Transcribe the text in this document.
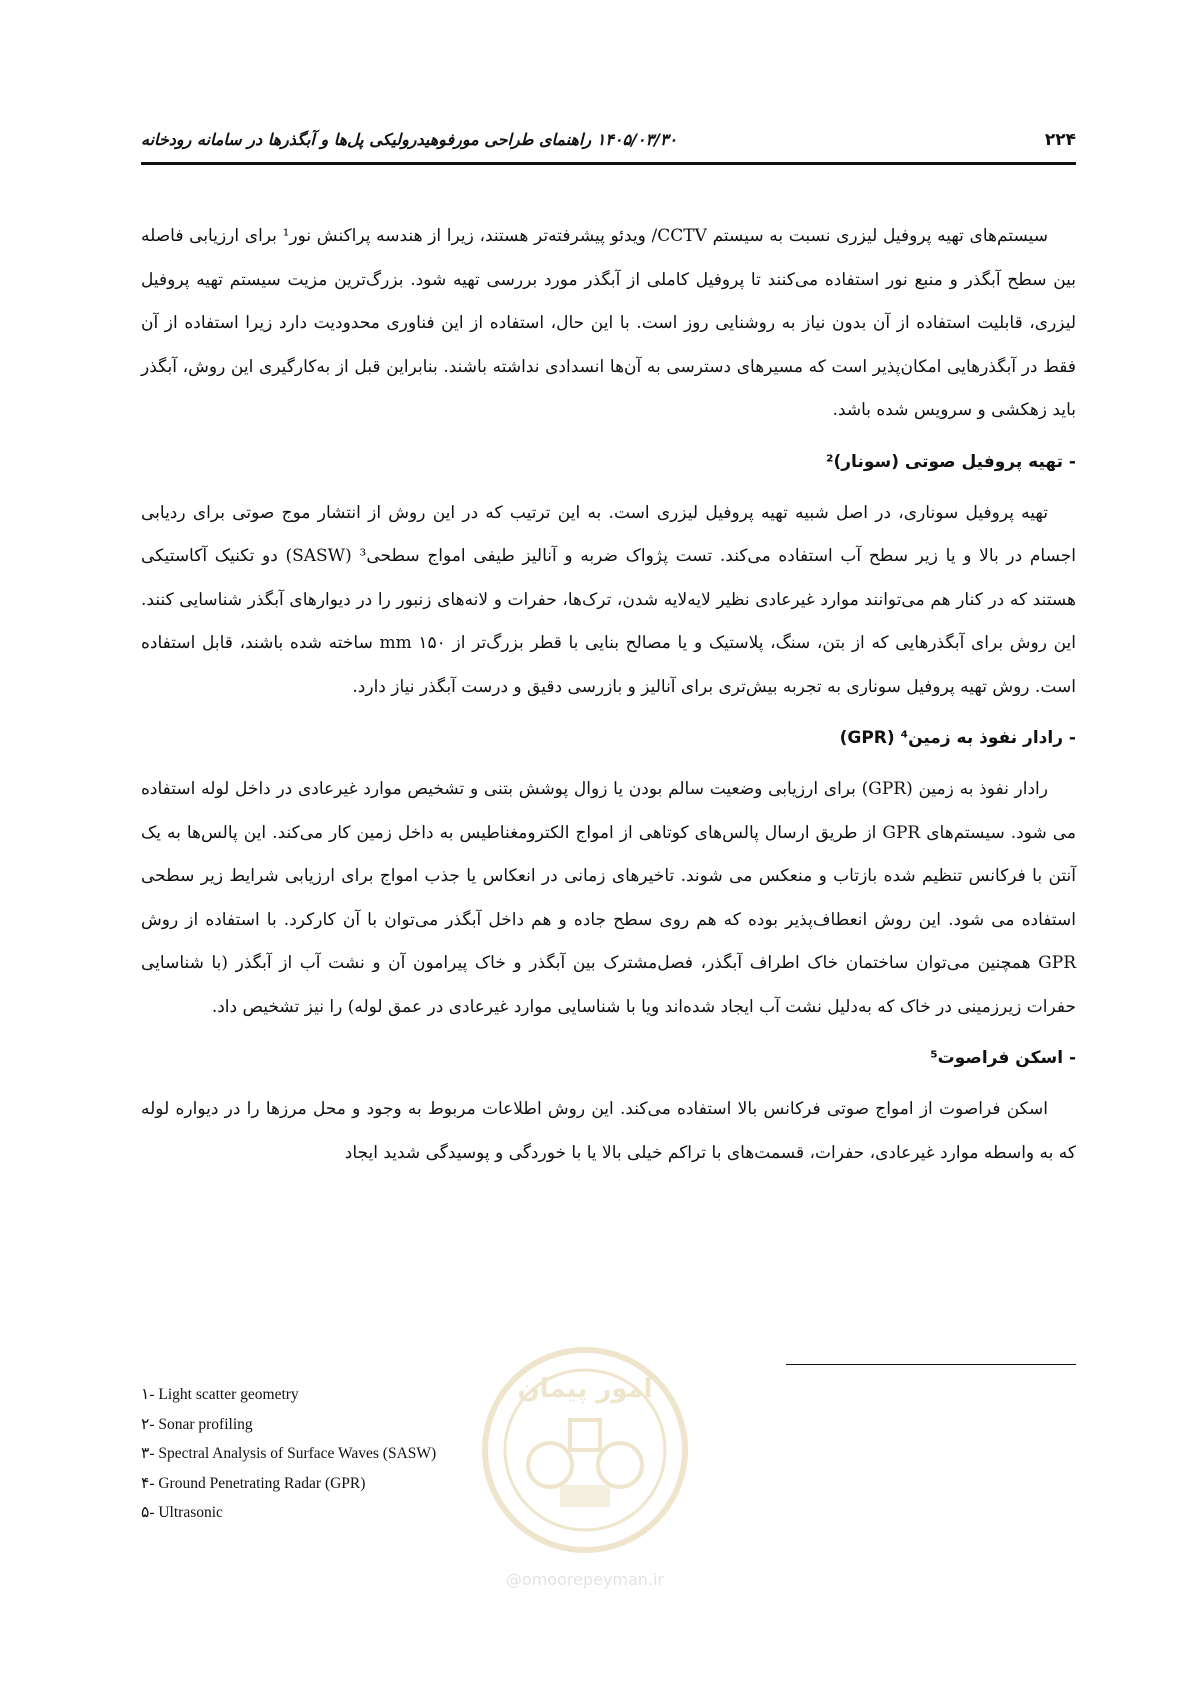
۲۲۴
۱۴۰۵/۰۳/۳۰ راهنمای طراحی مورفوهیدرولیکی پل‌ها و آبگذرها در سامانه رودخانه

سیستم‌های تهیه پروفیل لیزری نسبت به سیستم CCTV/ ویدئو پیشرفته‌تر هستند، زیرا از هندسه پراکنش نور¹ برای ارزیابی فاصله بین سطح آبگذر و منبع نور استفاده می‌کنند تا پروفیل کاملی از آبگذر مورد بررسی تهیه شود. بزرگ‌ترین مزیت سیستم تهیه پروفیل لیزری، قابلیت استفاده از آن بدون نیاز به روشنایی روز است. با این حال، استفاده از این فناوری محدودیت دارد زیرا استفاده از آن فقط در آبگذرهایی امکان‌پذیر است که مسیرهای دسترسی به آن‌ها انسدادی نداشته باشند. بنابراین قبل از به‌کارگیری این روش، آبگذر باید زهکشی و سرویس شده باشد.

- تهیه پروفیل صوتی (سونار)²

تهیه پروفیل سوناری، در اصل شبیه تهیه پروفیل لیزری است. به این ترتیب که در این روش از انتشار موج صوتی برای ردیابی اجسام در بالا و یا زیر سطح آب استفاده می‌کند. تست پژواک ضربه و آنالیز طیفی امواج سطحی³ (SASW) دو تکنیک آکاستیکی هستند که در کنار هم می‌توانند موارد غیرعادی نظیر لایه‌لایه شدن، ترک‌ها، حفرات و لانه‌های زنبور را در دیوارهای آبگذر شناسایی کنند. این روش برای آبگذرهایی که از بتن، سنگ، پلاستیک و یا مصالح بنایی با قطر بزرگ‌تر از ۱۵۰ mm ساخته شده باشند، قابل استفاده است. روش تهیه پروفیل سوناری به تجربه بیش‌تری برای آنالیز و بازرسی دقیق و درست آبگذر نیاز دارد.

- رادار نفوذ به زمین⁴ (GPR)

رادار نفوذ به زمین (GPR) برای ارزیابی وضعیت سالم بودن یا زوال پوشش بتنی و تشخیص موارد غیرعادی در داخل لوله استفاده می شود. سیستم‌های GPR از طریق ارسال پالس‌های کوتاهی از امواج الکترومغناطیس به داخل زمین کار می‌کند. این پالس‌ها به یک آنتن با فرکانس تنظیم شده بازتاب و منعکس می شوند. تاخیرهای زمانی در انعکاس یا جذب امواج برای ارزیابی شرایط زیر سطحی استفاده می شود. این روش انعطاف‌پذیر بوده که هم روی سطح جاده و هم داخل آبگذر می‌توان با آن کارکرد. با استفاده از روش GPR همچنین می‌توان ساختمان خاک اطراف آبگذر، فصل‌مشترک بین آبگذر و خاک پیرامون آن و نشت آب از آبگذر (با شناسایی حفرات زیرزمینی در خاک که به‌دلیل نشت آب ایجاد شده‌اند ویا با شناسایی موارد غیرعادی در عمق لوله) را نیز تشخیص داد.

- اسکن فراصوت⁵

اسکن فراصوت از امواج صوتی فرکانس بالا استفاده می‌کند. این روش اطلاعات مربوط به وجود و محل مرزها را در دیواره لوله که به واسطه موارد غیرعادی، حفرات، قسمت‌های با تراکم خیلی بالا یا با خوردگی و پوسیدگی شدید ایجاد

۱- Light scatter geometry
۲- Sonar profiling
۳- Spectral Analysis of Surface Waves (SASW)
۴- Ground Penetrating Radar (GPR)
۵- Ultrasonic
امور پیمان
@omoorepeyman.ir
